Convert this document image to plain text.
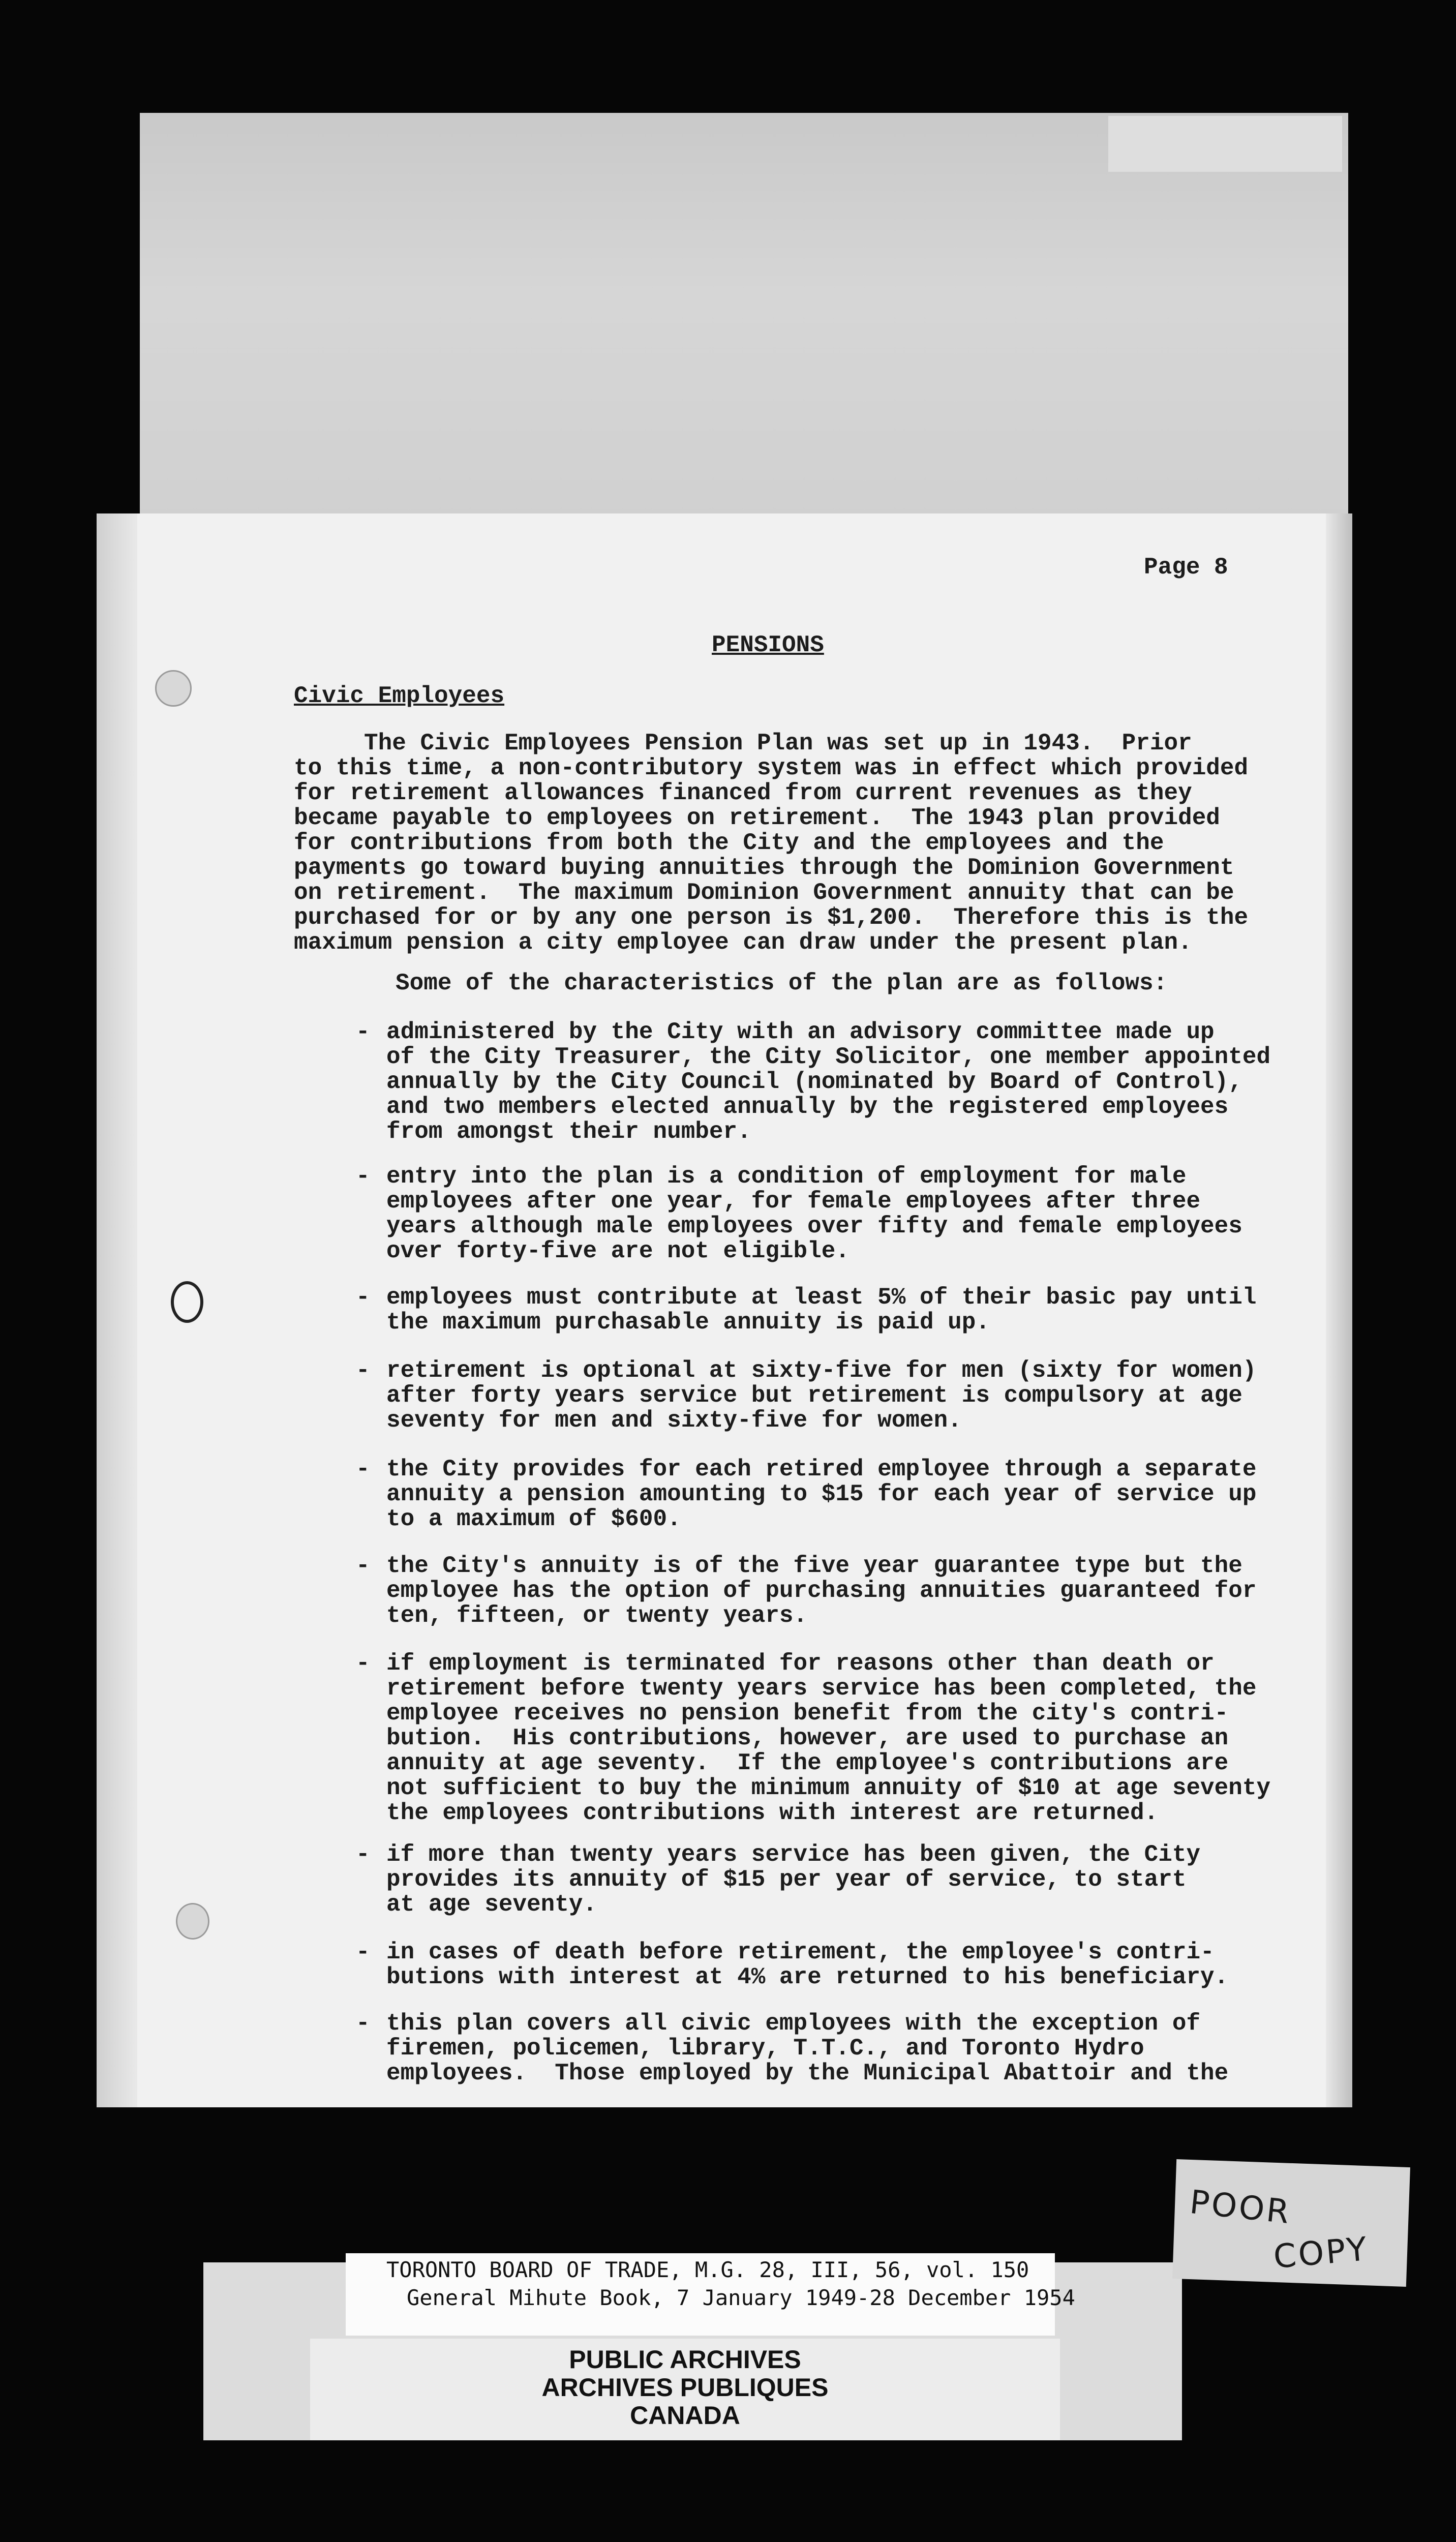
Page 8
PENSIONS
Civic Employees
The Civic Employees Pension Plan was set up in 1943.  Prior
to this time, a non-contributory system was in effect which provided
for retirement allowances financed from current revenues as they
became payable to employees on retirement.  The 1943 plan provided
for contributions from both the City and the employees and the
payments go toward buying annuities through the Dominion Government
on retirement.  The maximum Dominion Government annuity that can be
purchased for or by any one person is $1,200.  Therefore this is the
maximum pension a city employee can draw under the present plan.
Some of the characteristics of the plan are as follows:
- administered by the City with an advisory committee made up
of the City Treasurer, the City Solicitor, one member appointed
annually by the City Council (nominated by Board of Control),
and two members elected annually by the registered employees
from amongst their number.
- entry into the plan is a condition of employment for male
employees after one year, for female employees after three
years although male employees over fifty and female employees
over forty-five are not eligible.
- employees must contribute at least 5% of their basic pay until
the maximum purchasable annuity is paid up.
- retirement is optional at sixty-five for men (sixty for women)
after forty years service but retirement is compulsory at age
seventy for men and sixty-five for women.
- the City provides for each retired employee through a separate
annuity a pension amounting to $15 for each year of service up
to a maximum of $600.
- the City's annuity is of the five year guarantee type but the
employee has the option of purchasing annuities guaranteed for
ten, fifteen, or twenty years.
- if employment is terminated for reasons other than death or
retirement before twenty years service has been completed, the
employee receives no pension benefit from the city's contri-
bution.  His contributions, however, are used to purchase an
annuity at age seventy.  If the employee's contributions are
not sufficient to buy the minimum annuity of $10 at age seventy
the employees contributions with interest are returned.
- if more than twenty years service has been given, the City
provides its annuity of $15 per year of service, to start
at age seventy.
- in cases of death before retirement, the employee's contri-
butions with interest at 4% are returned to his beneficiary.
- this plan covers all civic employees with the exception of
firemen, policemen, library, T.T.C., and Toronto Hydro
employees.  Those employed by the Municipal Abattoir and the
TORONTO BOARD OF TRADE, M.G. 28, III, 56, vol. 150
General Mihute Book, 7 January 1949-28 December 1954
PUBLIC ARCHIVES
ARCHIVES PUBLIQUES
CANADA
POOR
COPY
